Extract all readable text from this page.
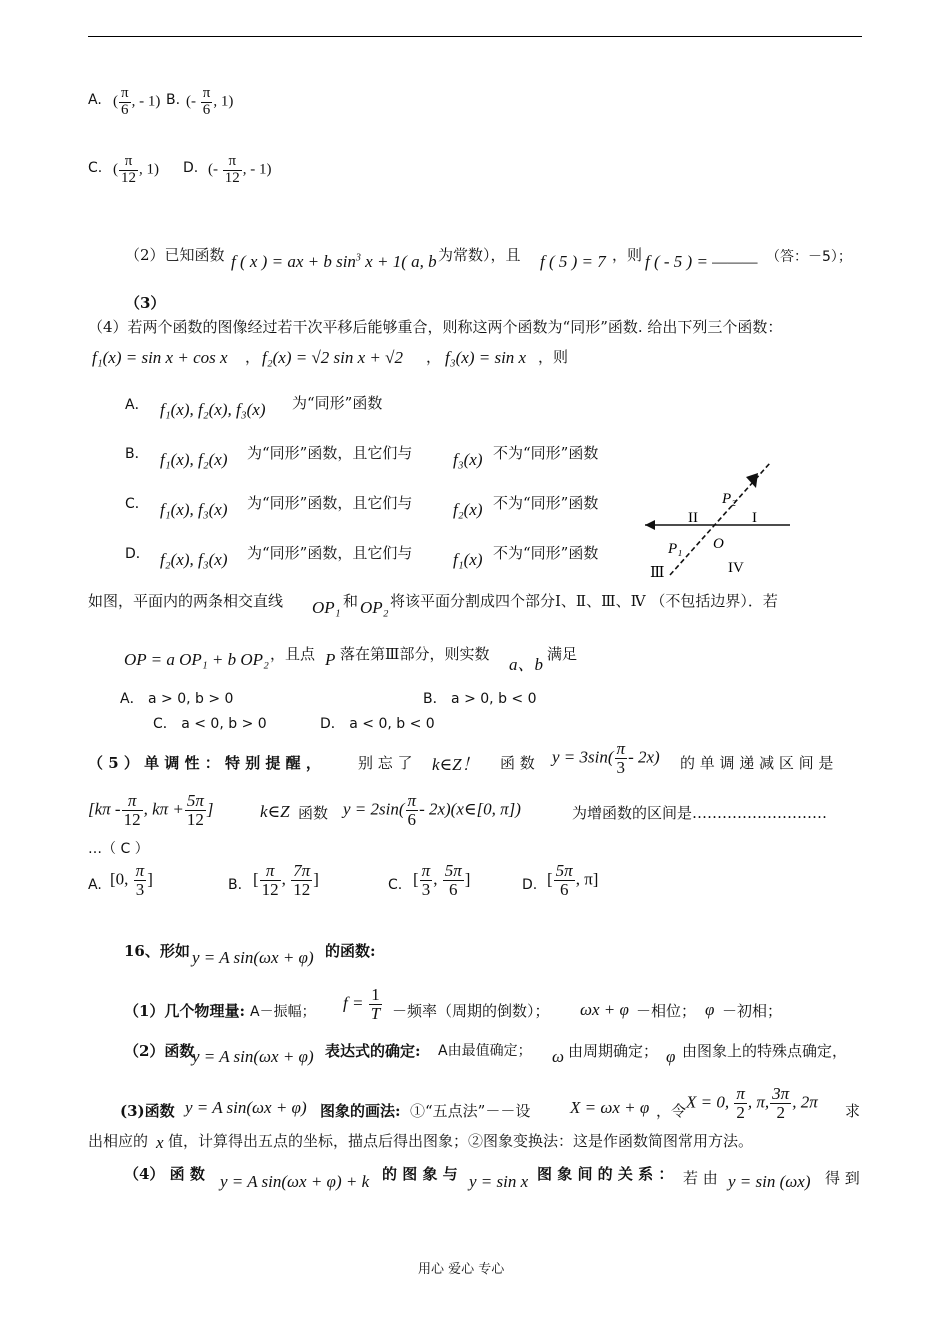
A. ( $\frac{\pi}{6}$ , - 1) B. (- $\frac{\pi}{6}$ , 1)
C. ( $\frac{\pi}{12}$ , 1) D. (- $\frac{\pi}{12}$ , - 1)
（2）已知函数 f ( x ) = ax + b $\sin^3 x + 1$( a, b 为常数），且 f ( 5 ) = 7 ，则 f ( - 5 ) = ——— （答：－5）；
（3）
（4）若两个函数的图像经过若干次平移后能够重合，则称这两个函数为“同形”函数. 给出下列三个函数：
f₁(x) = sin x + cos x ， f₂(x) = √2 sin x + √2 ， f₃(x) = sin x ，则
A． f₁(x), f₂(x), f₃(x) 为“同形”函数
B． f₁(x), f₂(x) 为“同形”函数，且它们与 f₃(x) 不为“同形”函数
C． f₁(x), f₃(x) 为“同形”函数，且它们与 f₂(x) 不为“同形”函数
D． f₂(x), f₃(x) 为“同形”函数，且它们与 f₁(x) 不为“同形”函数
P₂
I
II
P₁ O
Ⅲ	IV
如图，平面内的两条相交直线 OP₁ 和 OP₂ 将该平面分割成四个部分Ⅰ、Ⅱ、Ⅲ、Ⅳ （不包括边界）．若
OP = a OP₁ + b OP₂ ，且点 P 落在第Ⅲ部分，则实数
a、b
满足
A． a > 0, b > 0	B． a > 0, b < 0
C． a < 0, b > 0	D． a < 0, b < 0
（ 5 ） 单 调 性 ： 特 别 提 醒 ， 别 忘 了 k∈Z！ 函 数 $y = 3\sin( \frac{\pi}{3} - 2x)$ 的 单 调 递 减 区 间 是
[$k\pi - \frac{\pi}{12}$ , $k\pi + \frac{5\pi}{12}$ ]	k∈Z 函数 $y = 2\sin( \frac{\pi}{6}$ - 2x)(x∈[0, π])	为增函数的区间是………………………
…（ C ）
A. [0, $\frac{\pi}{3}$ ]	B. [ $\frac{\pi}{12}$ , $\frac{7\pi}{12}$ ]	C. [ $\frac{\pi}{3}$ , $\frac{5\pi}{6}$ ]	D. [ $\frac{5\pi}{6}$ , π]
16、形如 y = A sin(ωx + φ) 的函数:
（1）几个物理量: A－振幅； $f = \frac{1}{T}$ －频率（周期的倒数）； ωx + φ －相位； φ －初相；
（2）函数
y = A sin(ωx + φ) 表达式的确定: A由最值确定； ω 由周期确定； φ 由图象上的特殊点确定，
(3)函数 y = A sin(ωx + φ) 图象的画法: ①“五点法”－－设 X = ωx + φ ，令 X = 0, $\frac{\pi}{2}$ , π, $\frac{3\pi}{2}$ , 2π 求
出相应的 x 值，计算得出五点的坐标，描点后得出图象；②图象变换法：这是作函数简图常用方法。
（4） 函 数 y = A sin(ωx + φ) + k 的 图 象 与 y = sin x 图 象 间 的 关 系 ： 若 由 y = sin (ωx) 得 到
用心 爱心 专心
